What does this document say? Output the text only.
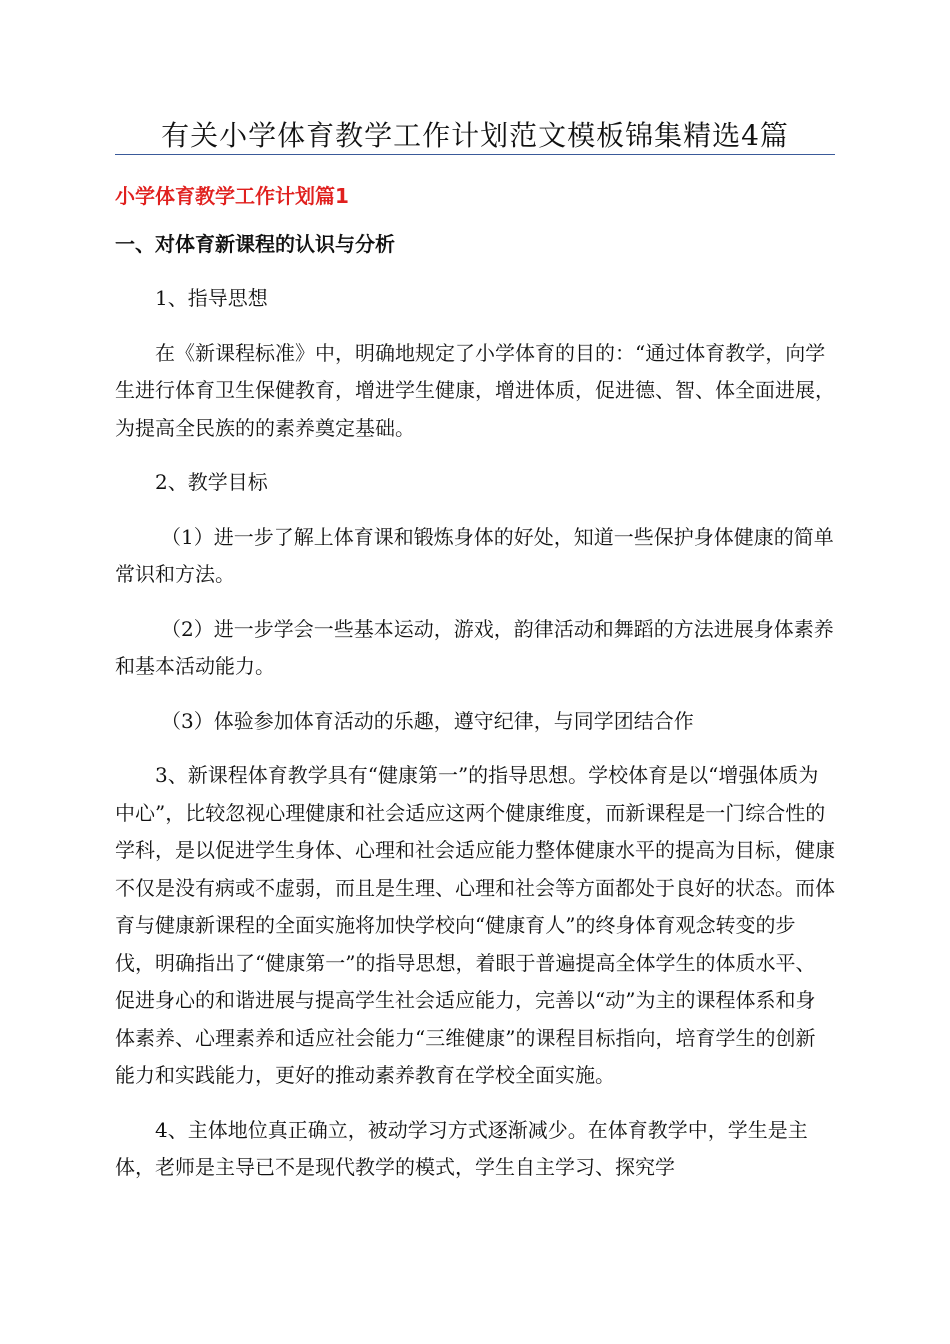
有关小学体育教学工作计划范文模板锦集精选4篇
小学体育教学工作计划篇1
一、对体育新课程的认识与分析

1、指导思想

在《新课程标准》中，明确地规定了小学体育的目的：“通过体育教学，向学生进行体育卫生保健教育，增进学生健康，增进体质，促进德、智、体全面进展，为提高全民族的的素养奠定基础。

2、教学目标

（1）进一步了解上体育课和锻炼身体的好处，知道一些保护身体健康的简单常识和方法。

（2）进一步学会一些基本运动，游戏，韵律活动和舞蹈的方法进展身体素养和基本活动能力。

（3）体验参加体育活动的乐趣，遵守纪律，与同学团结合作

3、新课程体育教学具有“健康第一”的指导思想。学校体育是以“增强体质为中心”，比较忽视心理健康和社会适应这两个健康维度，而新课程是一门综合性的学科，是以促进学生身体、心理和社会适应能力整体健康水平的提高为目标，健康不仅是没有病或不虚弱，而且是生理、心理和社会等方面都处于良好的状态。而体育与健康新课程的全面实施将加快学校向“健康育人”的终身体育观念转变的步伐，明确指出了“健康第一”的指导思想，着眼于普遍提高全体学生的体质水平、促进身心的和谐进展与提高学生社会适应能力，完善以“动”为主的课程体系和身体素养、心理素养和适应社会能力“三维健康”的课程目标指向，培育学生的创新能力和实践能力，更好的推动素养教育在学校全面实施。

4、主体地位真正确立，被动学习方式逐渐减少。在体育教学中，学生是主体，老师是主导已不是现代教学的模式，学生自主学习、探究学
